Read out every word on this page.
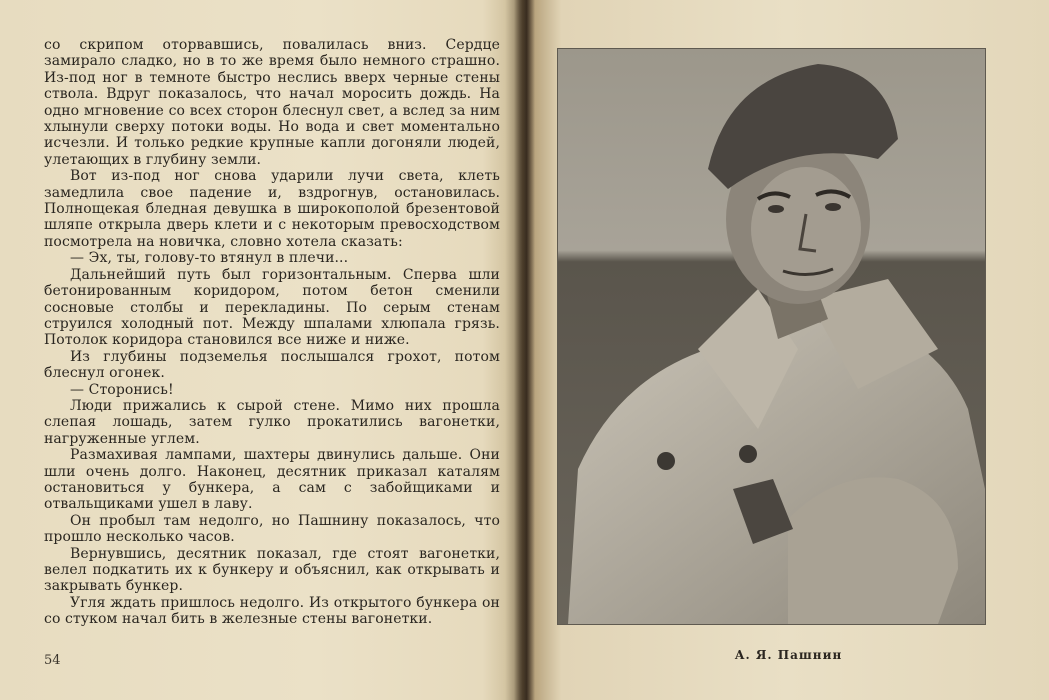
со скрипом оторвавшись, повалилась вниз. Сердце замирало сладко, но в то же время было немного страшно. Из-под ног в темноте быстро неслись вверх черные стены ствола. Вдруг показалось, что начал моросить дождь. На одно мгновение со всех сторон блеснул свет, а вслед за ним хлынули сверху потоки воды. Но вода и свет моментально исчезли. И только редкие крупные капли догоняли людей, улетающих в глубину земли.

Вот из-под ног снова ударили лучи света, клеть замедлила свое падение и, вздрогнув, остановилась. Полнощекая бледная девушка в широкополой брезентовой шляпе открыла дверь клети и с некоторым превосходством посмотрела на новичка, словно хотела сказать:

— Эх, ты, голову-то втянул в плечи...

Дальнейший путь был горизонтальным. Сперва шли бетонированным коридором, потом бетон сменили сосновые столбы и перекладины. По серым стенам струился холодный пот. Между шпалами хлюпала грязь. Потолок коридора становился все ниже и ниже.

Из глубины подземелья послышался грохот, потом блеснул огонек.

— Сторонись!

Люди прижались к сырой стене. Мимо них прошла слепая лошадь, затем гулко прокатились вагонетки, нагруженные углем.

Размахивая лампами, шахтеры двинулись дальше. Они шли очень долго. Наконец, десятник приказал каталям остановиться у бункера, а сам с забойщиками и отвальщиками ушел в лаву.

Он пробыл там недолго, но Пашнину показалось, что прошло несколько часов.

Вернувшись, десятник показал, где стоят вагонетки, велел подкатить их к бункеру и объяснил, как открывать и закрывать бункер.

Угля ждать пришлось недолго. Из открытого бункера он со стуком начал бить в железные стены вагонетки.

54	А. Я. Пашнин
